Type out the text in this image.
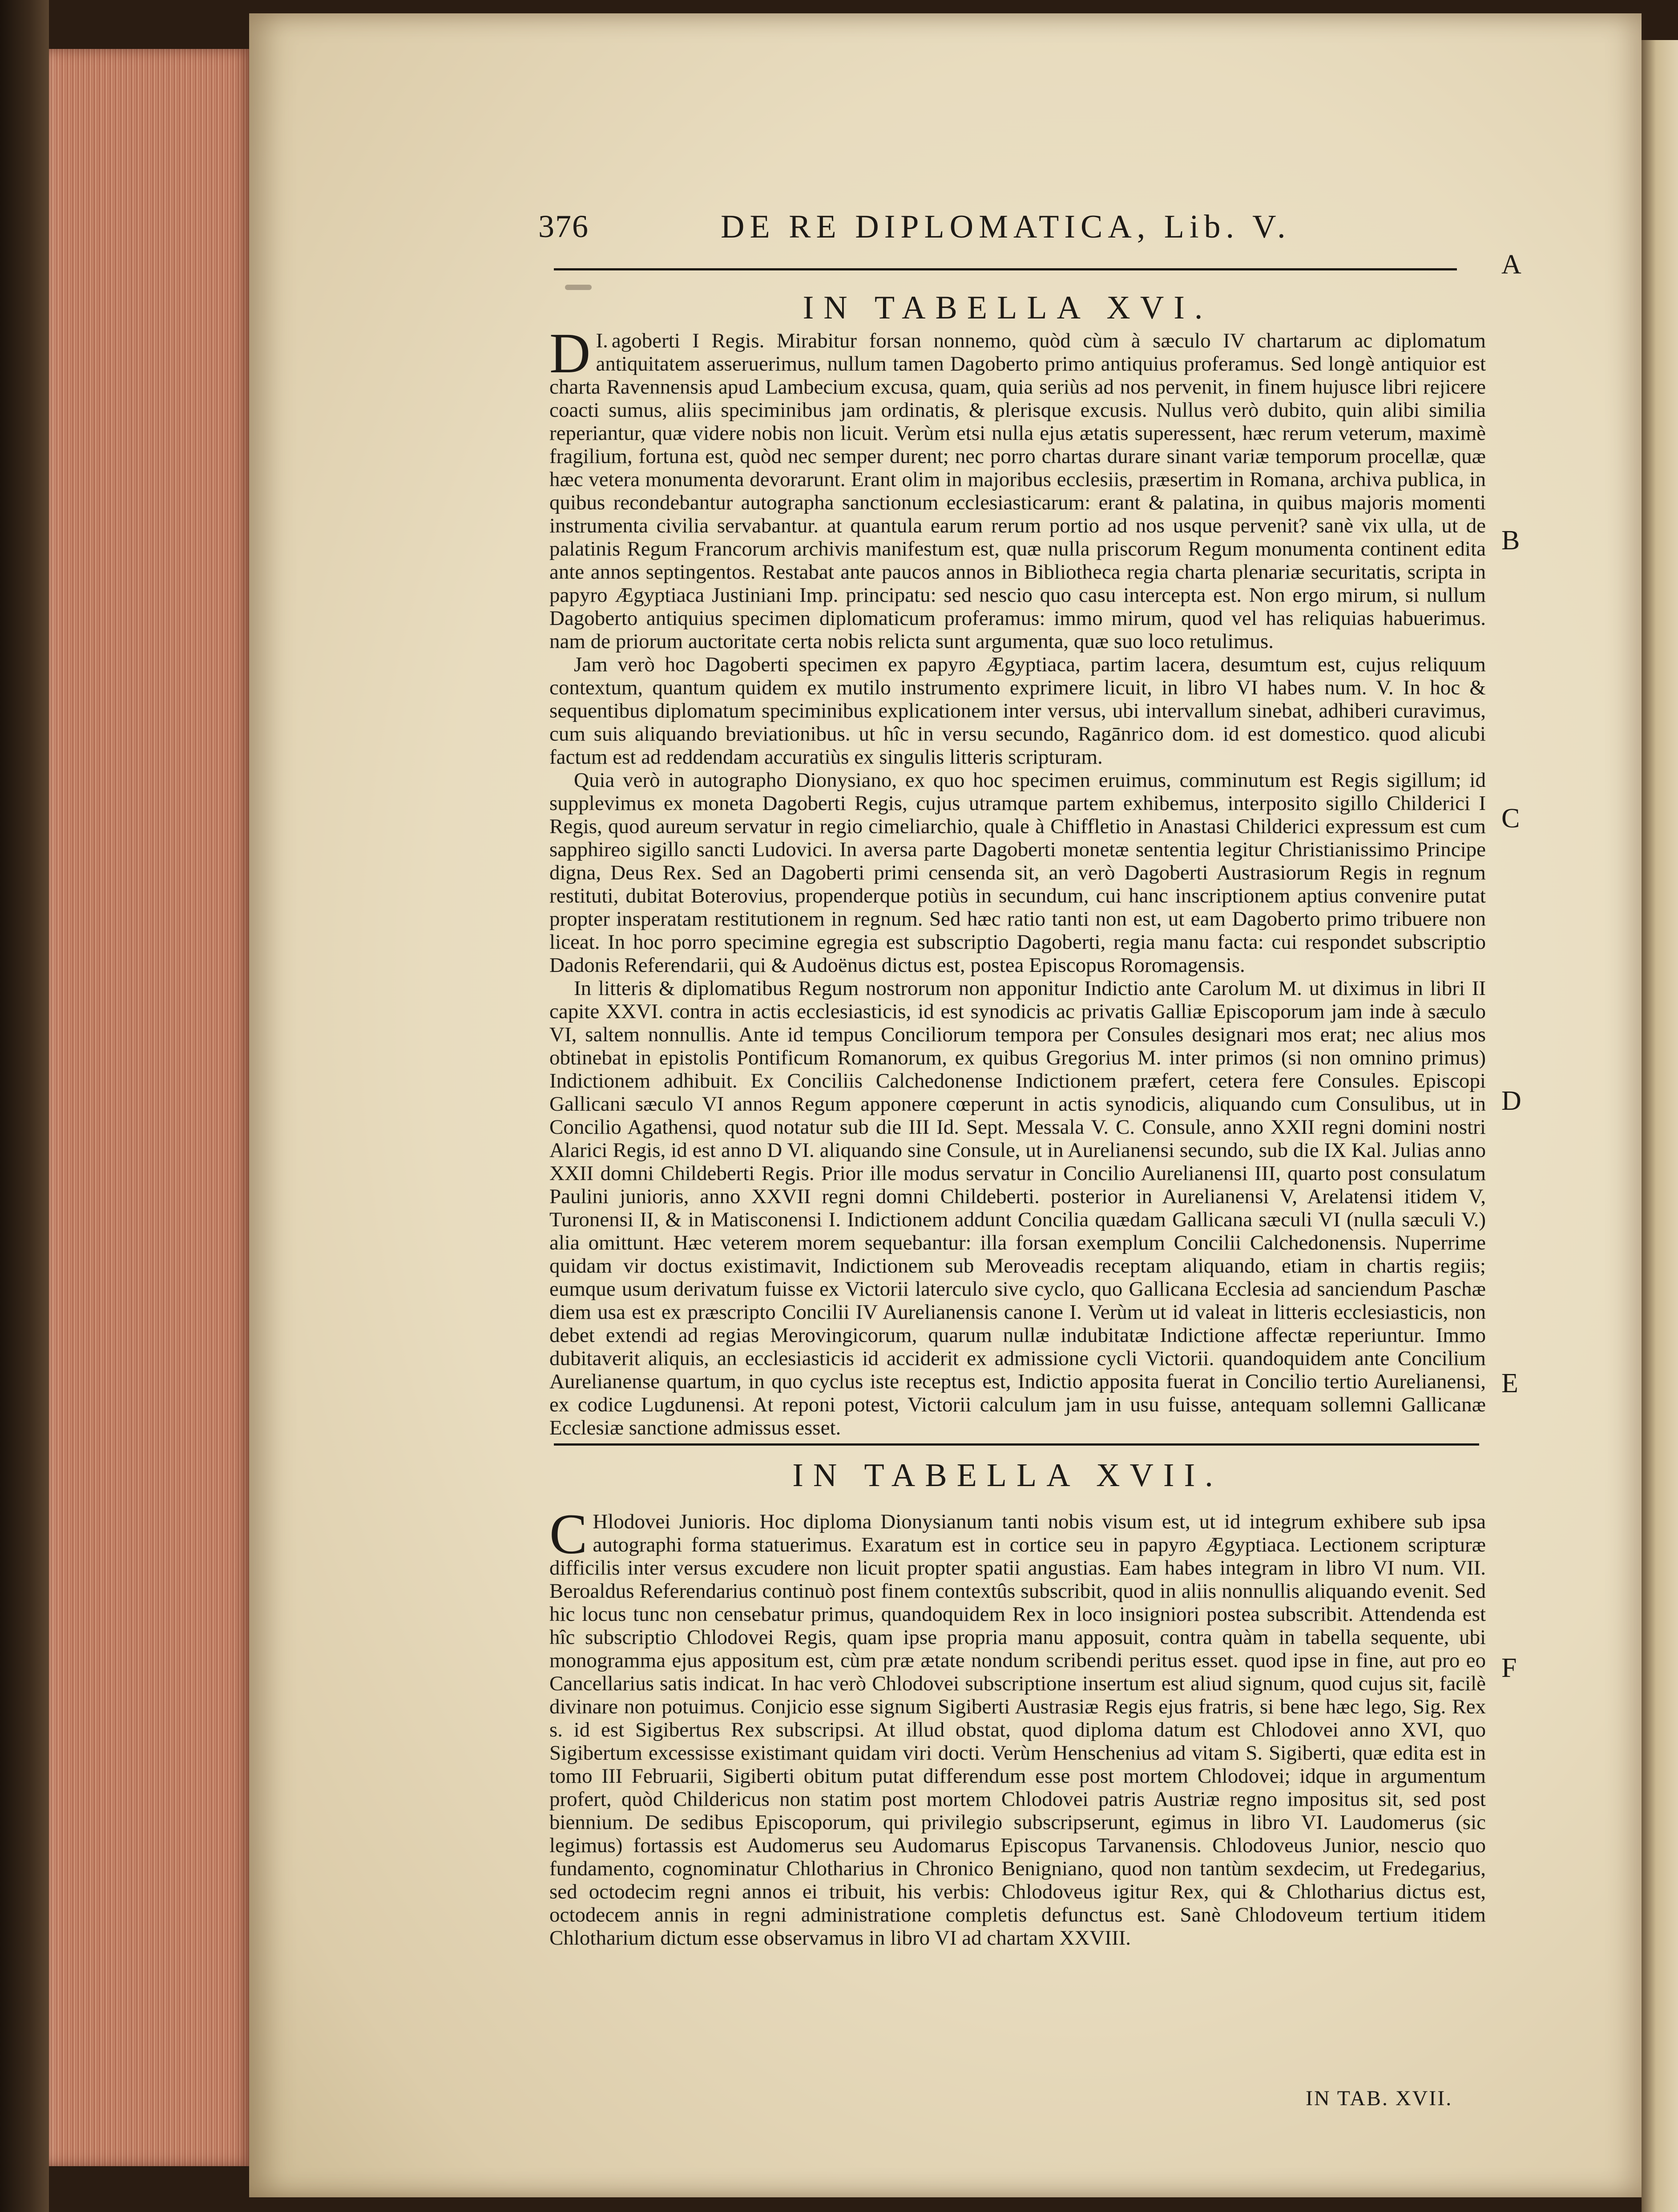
376	DE RE DIPLOMATICA, Lib. V.
A
B
C
D
E
F
IN TABELLA XVI.

I.
D agoberti I Regis. Mirabitur forsan nonnemo, quòd cùm à sæculo IV chartarum ac diplomatum antiquitatem asseruerimus, nullum tamen Dagoberto primo antiquius proferamus. Sed longè antiquior est charta Ravennensis apud Lambecium excusa, quam, quia seriùs ad nos pervenit, in finem hujusce libri rejicere coacti sumus, aliis speciminibus jam ordinatis, & plerisque excusis. Nullus verò dubito, quin alibi similia reperiantur, quæ videre nobis non licuit. Verùm etsi nulla ejus ætatis superessent, hæc rerum veterum, maximè fragilium, fortuna est, quòd nec semper durent; nec porro chartas durare sinant variæ temporum procellæ, quæ hæc vetera monumenta devorarunt. Erant olim in majoribus ecclesiis, præsertim in Romana, archiva publica, in quibus recondebantur autographa sanctionum ecclesiasticarum: erant & palatina, in quibus majoris momenti instrumenta civilia servabantur. at quantula earum rerum portio ad nos usque pervenit? sanè vix ulla, ut de palatinis Regum Francorum archivis manifestum est, quæ nulla priscorum Regum monumenta continent edita ante annos septingentos. Restabat ante paucos annos in Bibliotheca regia charta plenariæ securitatis, scripta in papyro Ægyptiaca Justiniani Imp. principatu: sed nescio quo casu intercepta est. Non ergo mirum, si nullum Dagoberto antiquius specimen diplomaticum proferamus: immo mirum, quod vel has reliquias habuerimus. nam de priorum auctoritate certa nobis relicta sunt argumenta, quæ suo loco retulimus.

Jam verò hoc Dagoberti specimen ex papyro Ægyptiaca, partim lacera, desumtum est, cujus reliquum contextum, quantum quidem ex mutilo instrumento exprimere licuit, in libro VI habes num. V. In hoc & sequentibus diplomatum speciminibus explicationem inter versus, ubi intervallum sinebat, adhiberi curavimus, cum suis aliquando breviationibus. ut hîc in versu secundo, Ragānrico dom. id est domestico. quod alicubi factum est ad reddendam accuratiùs ex singulis litteris scripturam.

Quia verò in autographo Dionysiano, ex quo hoc specimen eruimus, comminutum est Regis sigillum; id supplevimus ex moneta Dagoberti Regis, cujus utramque partem exhibemus, interposito sigillo Childerici I Regis, quod aureum servatur in regio cimeliarchio, quale à Chiffletio in Anastasi Childerici expressum est cum sapphireo sigillo sancti Ludovici. In aversa parte Dagoberti monetæ sententia legitur Christianissimo Principe digna, Deus Rex. Sed an Dagoberti primi censenda sit, an verò Dagoberti Austrasiorum Regis in regnum restituti, dubitat Boterovius, propenderque potiùs in secundum, cui hanc inscriptionem aptius convenire putat propter insperatam restitutionem in regnum. Sed hæc ratio tanti non est, ut eam Dagoberto primo tribuere non liceat. In hoc porro specimine egregia est subscriptio Dagoberti, regia manu facta: cui respondet subscriptio Dadonis Referendarii, qui & Audoënus dictus est, postea Episcopus Roromagensis.

In litteris & diplomatibus Regum nostrorum non apponitur Indictio ante Carolum M. ut diximus in libri II capite XXVI. contra in actis ecclesiasticis, id est synodicis ac privatis Galliæ Episcoporum jam inde à sæculo VI, saltem nonnullis. Ante id tempus Conciliorum tempora per Consules designari mos erat; nec alius mos obtinebat in epistolis Pontificum Romanorum, ex quibus Gregorius M. inter primos (si non omnino primus) Indictionem adhibuit. Ex Conciliis Calchedonense Indictionem præfert, cetera fere Consules. Episcopi Gallicani sæculo VI annos Regum apponere cœperunt in actis synodicis, aliquando cum Consulibus, ut in Concilio Agathensi, quod notatur sub die III Id. Sept. Messala V. C. Consule, anno XXII regni domini nostri Alarici Regis, id est anno D VI. aliquando sine Consule, ut in Aurelianensi secundo, sub die IX Kal. Julias anno XXII domni Childeberti Regis. Prior ille modus servatur in Concilio Aurelianensi III, quarto post consulatum Paulini junioris, anno XXVII regni domni Childeberti. posterior in Aurelianensi V, Arelatensi itidem V, Turonensi II, & in Matisconensi I. Indictionem addunt Concilia quædam Gallicana sæculi VI (nulla sæculi V.) alia omittunt. Hæc veterem morem sequebantur: illa forsan exemplum Concilii Calchedonensis. Nuperrime quidam vir doctus existimavit, Indictionem sub Meroveadis receptam aliquando, etiam in chartis regiis; eumque usum derivatum fuisse ex Victorii laterculo sive cyclo, quo Gallicana Ecclesia ad sanciendum Paschæ diem usa est ex præscripto Concilii IV Aurelianensis canone I. Verùm ut id valeat in litteris ecclesiasticis, non debet extendi ad regias Merovingicorum, quarum nullæ indubitatæ Indictione affectæ reperiuntur. Immo dubitaverit aliquis, an ecclesiasticis id acciderit ex admissione cycli Victorii. quandoquidem ante Concilium Aurelianense quartum, in quo cyclus iste receptus est, Indictio apposita fuerat in Concilio tertio Aurelianensi, ex codice Lugdunensi. At reponi potest, Victorii calculum jam in usu fuisse, antequam sollemni Gallicanæ Ecclesiæ sanctione admissus esset.

IN TABELLA XVII.

C Hlodovei Junioris. Hoc diploma Dionysianum tanti nobis visum est, ut id integrum exhibere sub ipsa autographi forma statuerimus. Exaratum est in cortice seu in papyro Ægyptiaca. Lectionem scripturæ difficilis inter versus excudere non licuit propter spatii angustias. Eam habes integram in libro VI num. VII. Beroaldus Referendarius continuò post finem contextûs subscribit, quod in aliis nonnullis aliquando evenit. Sed hic locus tunc non censebatur primus, quandoquidem Rex in loco insigniori postea subscribit. Attendenda est hîc subscriptio Chlodovei Regis, quam ipse propria manu apposuit, contra quàm in tabella sequente, ubi monogramma ejus appositum est, cùm præ ætate nondum scribendi peritus esset. quod ipse in fine, aut pro eo Cancellarius satis indicat. In hac verò Chlodovei subscriptione insertum est aliud signum, quod cujus sit, facilè divinare non potuimus. Conjicio esse signum Sigiberti Austrasiæ Regis ejus fratris, si bene hæc lego, Sig. Rex s. id est Sigibertus Rex subscripsi. At illud obstat, quod diploma datum est Chlodovei anno XVI, quo Sigibertum excessisse existimant quidam viri docti. Verùm Henschenius ad vitam S. Sigiberti, quæ edita est in tomo III Februarii, Sigiberti obitum putat differendum esse post mortem Chlodovei; idque in argumentum profert, quòd Childericus non statim post mortem Chlodovei patris Austriæ regno impositus sit, sed post biennium. De sedibus Episcoporum, qui privilegio subscripserunt, egimus in libro VI. Laudomerus (sic legimus) fortassis est Audomerus seu Audomarus Episcopus Tarvanensis. Chlodoveus Junior, nescio quo fundamento, cognominatur Chlotharius in Chronico Benigniano, quod non tantùm sexdecim, ut Fredegarius, sed octodecim regni annos ei tribuit, his verbis: Chlodoveus igitur Rex, qui & Chlotharius dictus est, octodecem annis in regni administratione completis defunctus est. Sanè Chlodoveum tertium itidem Chlotharium dictum esse observamus in libro VI ad chartam XXVIII.

IN TAB. XVII.
